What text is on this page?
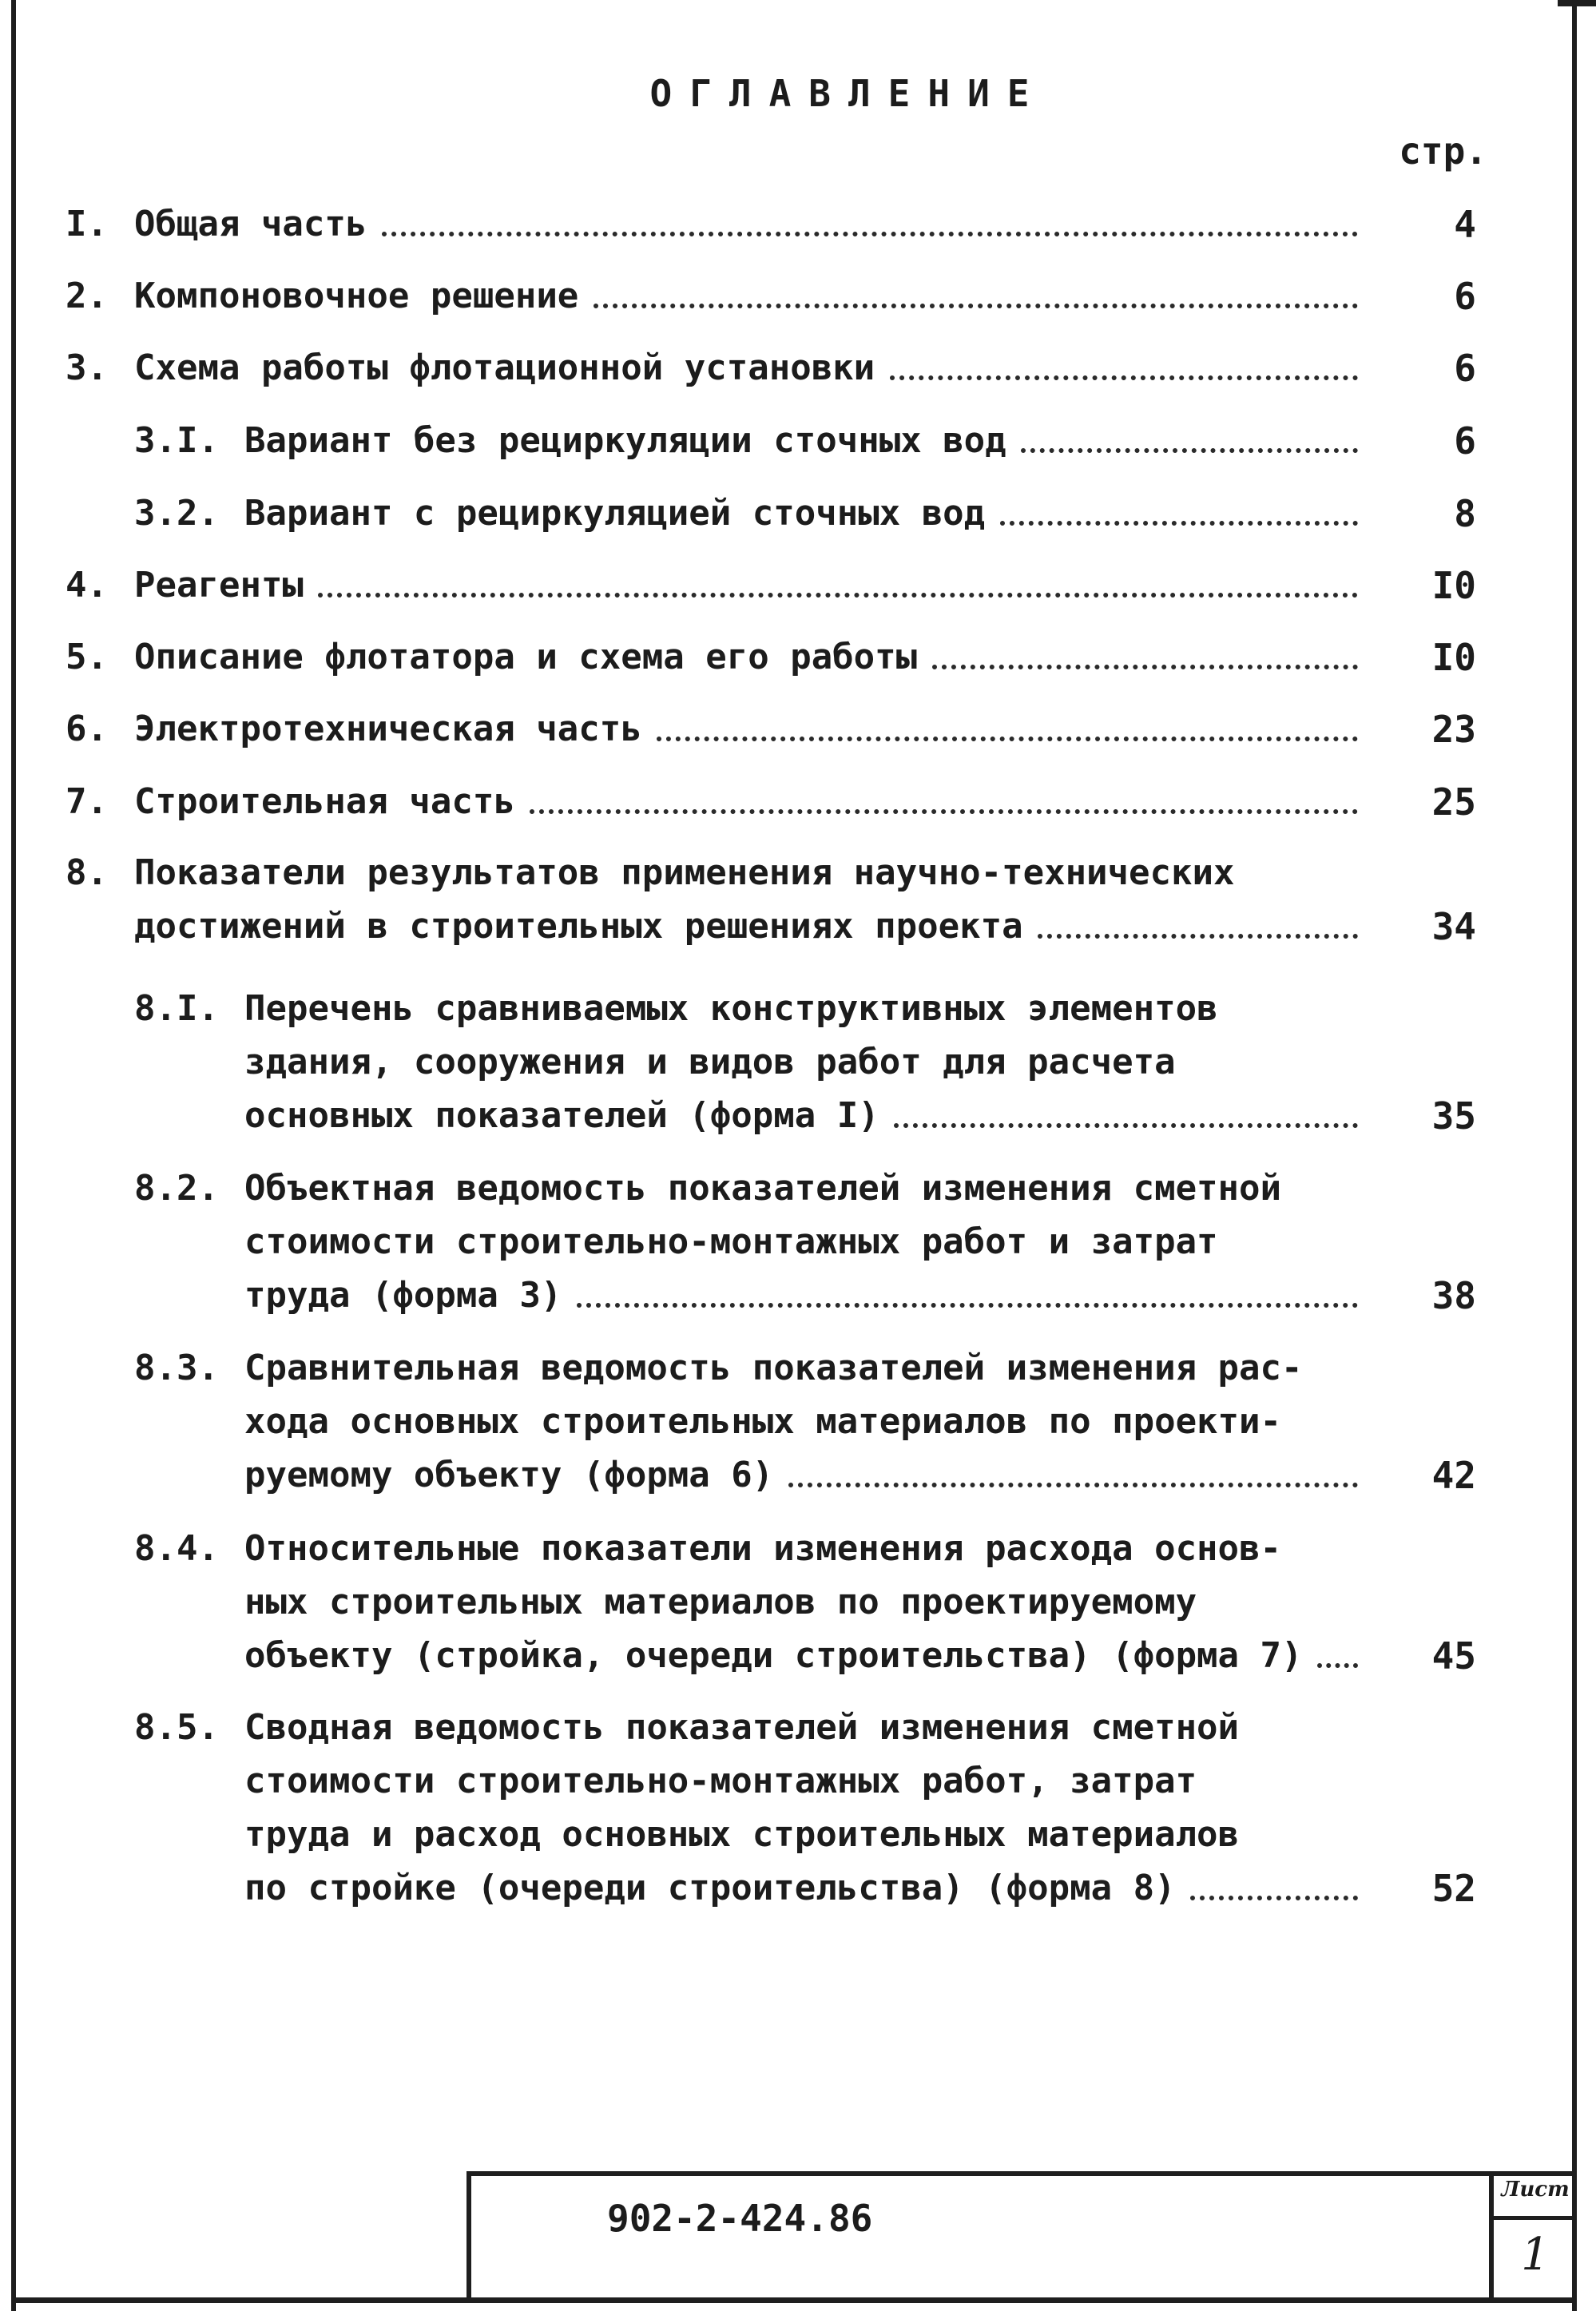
ОГЛАВЛЕНИЕ
стр.
I. Общая часть	4
2. Компоновочное решение	6
3. Схема работы флотационной установки	6
3.I. Вариант без рециркуляции сточных вод	6
3.2. Вариант с рециркуляцией сточных вод	8
4. Реагенты	I0
5. Описание флотатора и схема его работы	I0
6. Электротехническая часть	23
7. Строительная часть	25
8. Показатели результатов применения научно-технических
достижений в строительных решениях проекта	34
8.I. Перечень сравниваемых конструктивных элементов
здания, сооружения и видов работ для расчета
основных показателей (форма I)	35
8.2. Объектная ведомость показателей изменения сметной
стоимости строительно-монтажных работ и затрат
труда (форма 3)	38
8.3. Сравнительная ведомость показателей изменения рас-
хода основных строительных материалов по проекти-
руемому объекту (форма 6)	42
8.4. Относительные показатели изменения расхода основ-
ных строительных материалов по проектируемому
объекту (стройка, очереди строительства) (форма 7)	45
8.5. Сводная ведомость показателей изменения сметной
стоимости строительно-монтажных работ, затрат
труда и расход основных строительных материалов
по стройке (очереди строительства) (форма 8)	52
902-2-424.86
Лист
1
